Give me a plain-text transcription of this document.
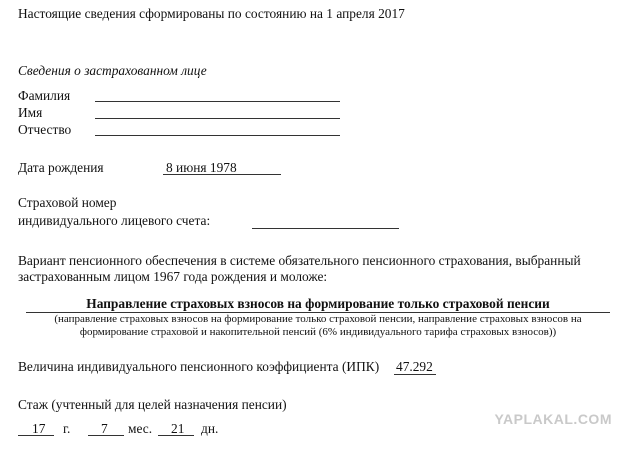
Настоящие сведения сформированы по состоянию на 1 апреля 2017
Сведения о застрахованном лице
Фамилия
Имя
Отчество
Дата рождения	8 июня 1978
Страховой номер
индивидуального лицевого счета:
Вариант пенсионного обеспечения в системе обязательного пенсионного страхования, выбранный
застрахованным лицом 1967 года рождения и моложе:
Направление страховых взносов на формирование только страховой пенсии
(направление страховых взносов на формирование только страховой пенсии, направление страховых взносов на
формирование страховой и накопительной пенсий (6% индивидуального тарифа страховых взносов))
Величина индивидуального пенсионного коэффициента (ИПК) 47.292
Стаж (учтенный для целей назначения пенсии)
17 г. 7 мес. 21 дн.
YAPLAKAL.COM
